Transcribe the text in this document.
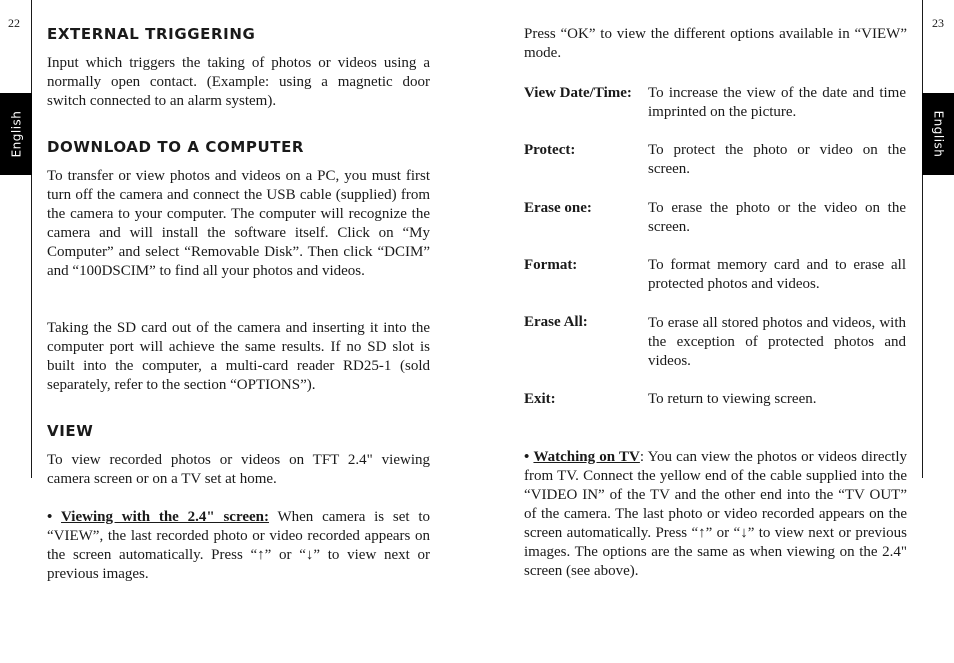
22
English
23
English
EXTERNAL TRIGGERING

Input which triggers the taking of photos or videos using a normally open contact. (Example: using a magnetic door switch connected to an alarm system).

DOWNLOAD TO A COMPUTER

To transfer or view photos and videos on a PC, you must first turn off the camera and connect the USB cable (supplied) from the camera to your computer. The computer will recognize the camera and will install the software itself. Click on “My Computer” and select “Removable Disk”. Then click “DCIM” and “100DSCIM” to find all your photos and videos.

Taking the SD card out of the camera and inserting it into the computer port will achieve the same results. If no SD slot is built into the computer, a multi-card reader RD25-1 (sold separately, refer to the section “OPTIONS”).

VIEW

To view recorded photos or videos on TFT 2.4" viewing camera screen or on a TV set at home.

• Viewing with the 2.4" screen: When camera is set to “VIEW”, the last recorded photo or video recorded appears on the screen automatically. Press “↑” or “↓” to view next or previous images.

Press “OK” to view the different options available in “VIEW” mode.

View Date/Time: To increase the view of the date and time imprinted on the picture.
Protect:	To protect the photo or video on the screen.
Erase one:	To erase the photo or the video on the screen.
Format:	To format memory card and to erase all protected photos and videos.
Erase All:	To erase all stored photos and videos, with the exception of protected photos and videos.
Exit:	To return to viewing screen.

• Watching on TV: You can view the photos or videos directly from TV. Connect the yellow end of the cable supplied into the “VIDEO IN” of the TV and the other end into the “TV OUT” of the camera. The last photo or video recorded appears on the screen automatically. Press “↑” or “↓” to view next or previous images. The options are the same as when viewing on the 2.4" screen (see above).
